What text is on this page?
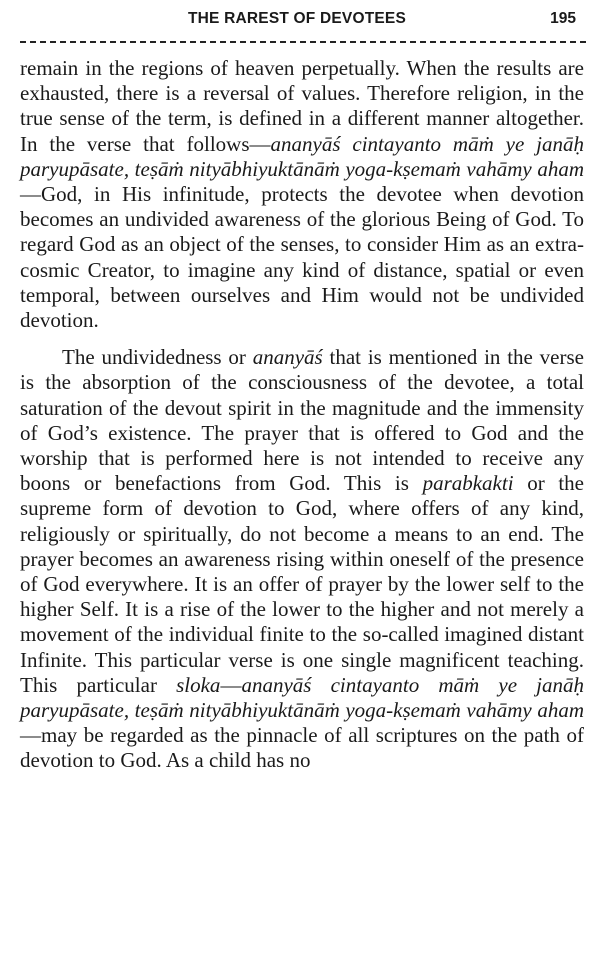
THE RAREST OF DEVOTEES	195

remain in the regions of heaven perpetually. When the results are exhausted, there is a reversal of values. Therefore religion, in the true sense of the term, is defined in a different manner altogether. In the verse that follows—ananyāś cintayanto māṁ ye janāḥ paryupāsate, teṣāṁ nityābhiyuktānāṁ yoga-kṣemaṁ vahāmy aham—God, in His infinitude, protects the devotee when devotion becomes an undivided awareness of the glorious Being of God. To regard God as an object of the senses, to consider Him as an extra-cosmic Creator, to imagine any kind of distance, spatial or even temporal, between ourselves and Him would not be undivided devotion.

The undividedness or ananyāś that is mentioned in the verse is the absorption of the consciousness of the devotee, a total saturation of the devout spirit in the magnitude and the immensity of God’s existence. The prayer that is offered to God and the worship that is performed here is not intended to receive any boons or benefactions from God. This is parabkakti or the supreme form of devotion to God, where offers of any kind, religiously or spiritually, do not become a means to an end. The prayer becomes an awareness rising within oneself of the presence of God everywhere. It is an offer of prayer by the lower self to the higher Self. It is a rise of the lower to the higher and not merely a movement of the individual finite to the so-called imagined distant Infinite. This particular verse is one single magnificent teaching. This particular sloka—ananyāś cintayanto māṁ ye janāḥ paryupāsate, teṣāṁ nityābhiyuktānāṁ yoga-kṣemaṁ vahāmy aham—may be regarded as the pinnacle of all scriptures on the path of devotion to God. As a child has no
